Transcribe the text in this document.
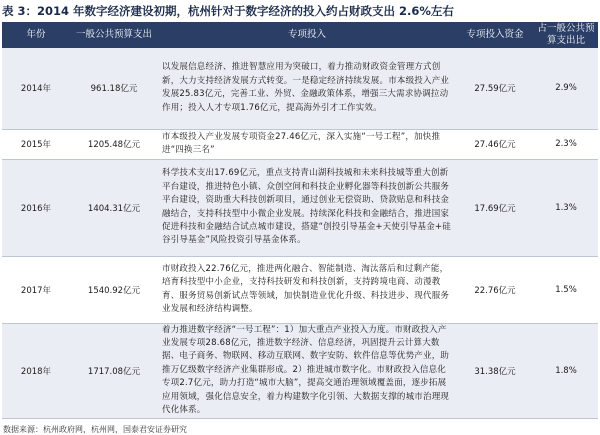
表 3：2014 年数字经济建设初期，杭州针对于数字经济的投入约占财政支出 2.6%左右
年份	一般公共预算支出	专项投入	专项投入资金	占一般公共预算支出比
2014年	961.18亿元	以发展信息经济、推进智慧应用为突破口，着力推动财政资金管理方式创新，大力支持经济发展方式转变。一是稳定经济持续发展。市本级投入产业发展25.83亿元，完善工业、外贸、金融政策体系，增强三大需求协调拉动作用；投入人才专项1.76亿元，提高海外引才工作实效。	27.59亿元	2.9%
2015年	1205.48亿元	市本级投入产业发展专项资金27.46亿元，深入实施“一号工程”，加快推进“四换三名”	27.46亿元	2.3%
2016年	1404.31亿元	科学技术支出17.69亿元，重点支持青山湖科技城和未来科技城等重大创新平台建设，推进特色小镇、众创空间和科技企业孵化器等科技创新公共服务平台建设，资助重大科技创新项目，通过创业无偿资助、贷款贴息和科技金融结合，支持科技型中小微企业发展。持续深化科技和金融结合，推进国家促进科技和金融结合试点城市建设，搭建“创投引导基金+天使引导基金+硅谷引导基金”风险投资引导基金体系。	17.69亿元	1.3%
2017年	1540.92亿元	市财政投入22.76亿元，推进两化融合、智能制造、淘汰落后和过剩产能，培育科技型中小企业，支持科技研发和科技创新，支持跨境电商、动漫教育、服务贸易创新试点等领域，加快制造业优化升级、科技进步、现代服务业发展和经济结构调整。	22.76亿元	1.5%
2018年	1717.08亿元	着力推进数字经济“一号工程”：1）加大重点产业投入力度。市财政投入产业发展专项28.68亿元，推进数字经济、信息经济，巩固提升云计算大数据、电子商务、物联网、移动互联网、数字安防、软件信息等优势产业，助推万亿级数字经济产业集群形成。2）推进城市数字化。市财政投入信息化专项2.7亿元，助力打造“城市大脑”，提高交通治理领域覆盖面，逐步拓展应用领域，强化信息安全，着力构建数字化引领、大数据支撑的城市治理现代化体系。	31.38亿元	1.8%
数据来源：杭州政府网，杭州网，国泰君安证券研究
